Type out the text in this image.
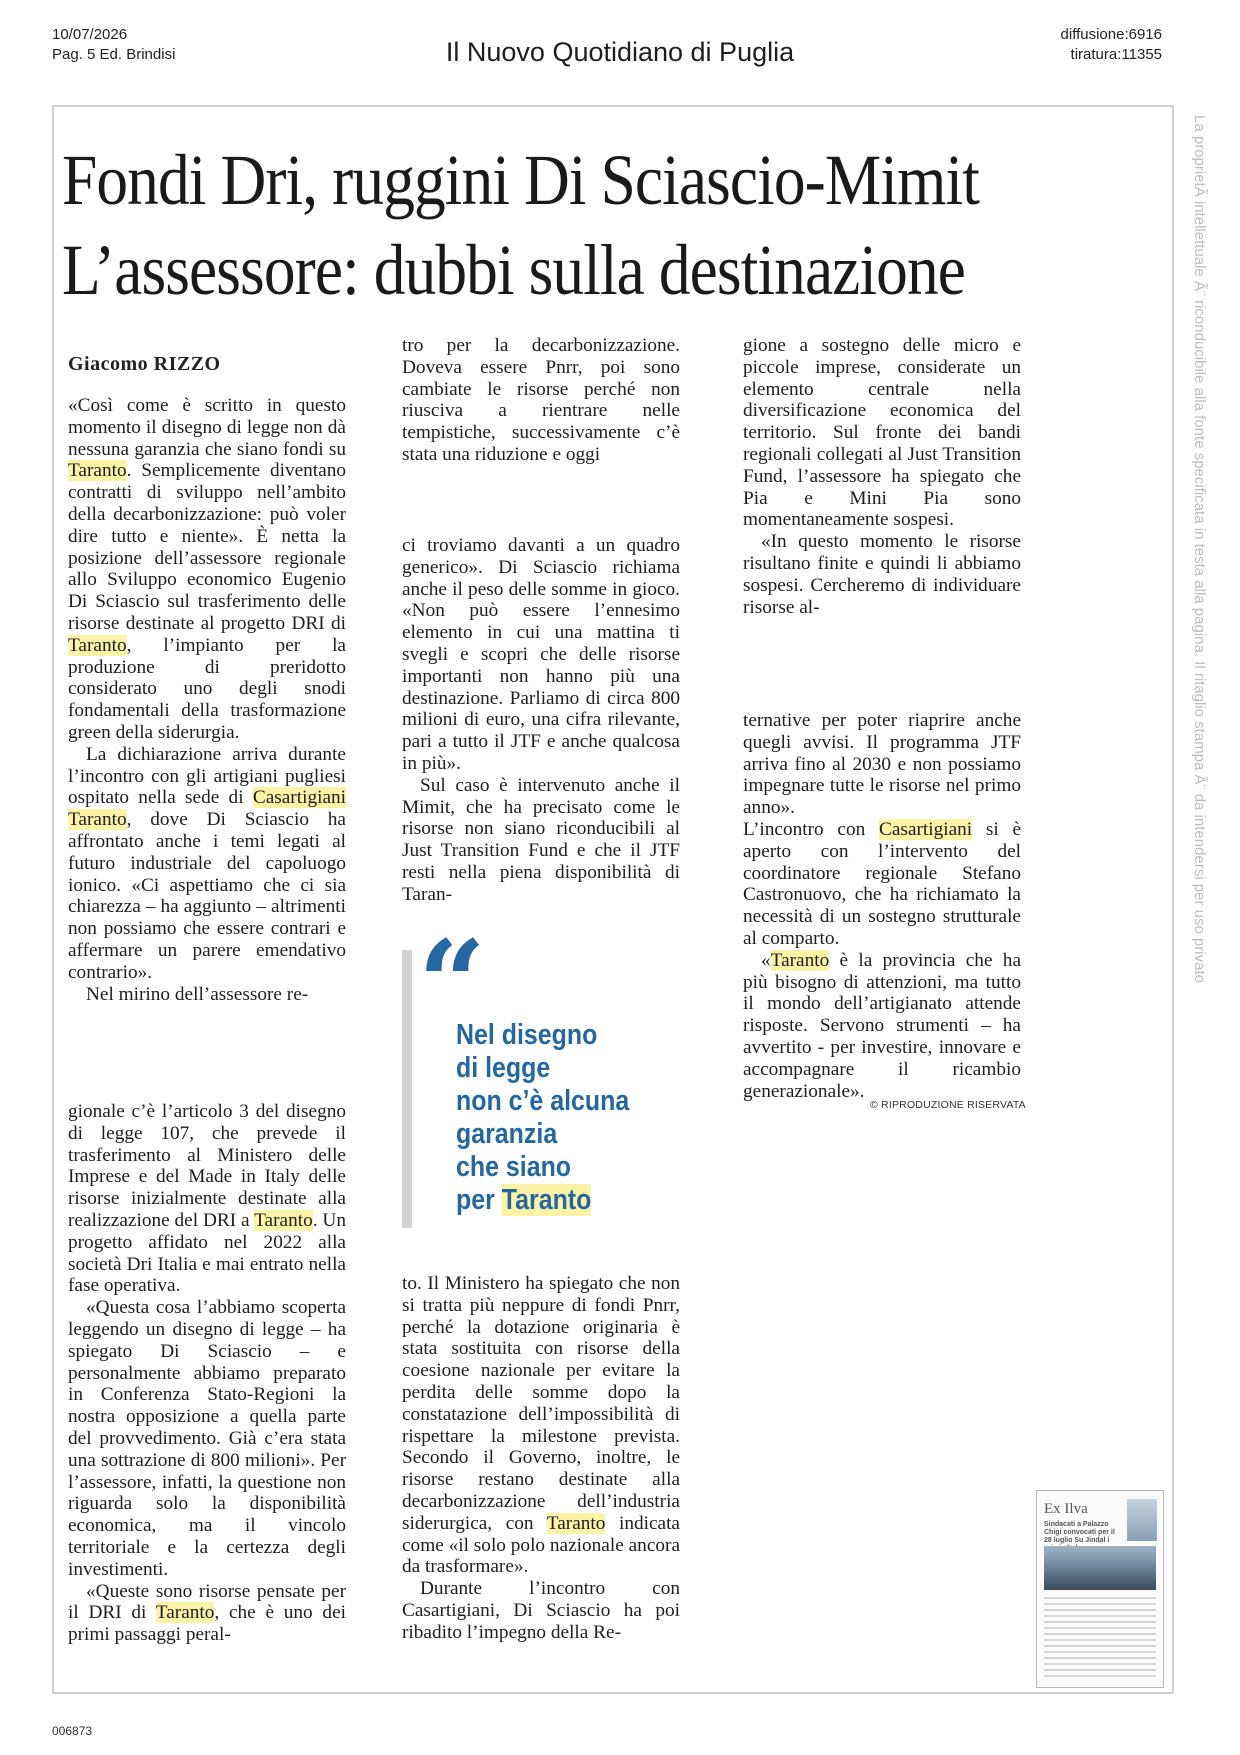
10/07/2026
Pag. 5 Ed. Brindisi	Il Nuovo Quotidiano di Puglia
diffusione:6916
tiratura:11355
La proprietÃ intellettuale Ã¨ riconducibile alla fonte specificata in testa alla pagina. Il ritaglio stampa Ã¨ da intendersi per uso privato
Fondi Dri, ruggini Di Sciascio-Mimit
L’assessore: dubbi sulla destinazione
Giacomo RIZZO

«Così come è scritto in questo momento il disegno di legge non dà nessuna garanzia che siano fondi su Taranto. Semplicemente diventano contratti di sviluppo nell’ambito della decarbonizzazione: può voler dire tutto e niente». È netta la posizione dell’assessore regionale allo Sviluppo economico Eugenio Di Sciascio sul trasferimento delle risorse destinate al progetto DRI di Taranto, l’impianto per la produzione di preridotto considerato uno degli snodi fondamentali della trasformazione green della siderurgia.

La dichiarazione arriva durante l’incontro con gli artigiani pugliesi ospitato nella sede di Casartigiani Taranto, dove Di Sciascio ha affrontato anche i temi legati al futuro industriale del capoluogo ionico. «Ci aspettiamo che ci sia chiarezza – ha aggiunto – altrimenti non possiamo che essere contrari e affermare un parere emendativo contrario».

Nel mirino dell’assessore re-

gionale c’è l’articolo 3 del disegno di legge 107, che prevede il trasferimento al Ministero delle Imprese e del Made in Italy delle risorse inizialmente destinate alla realizzazione del DRI a Taranto. Un progetto affidato nel 2022 alla società Dri Italia e mai entrato nella fase operativa.

«Questa cosa l’abbiamo scoperta leggendo un disegno di legge – ha spiegato Di Sciascio – e personalmente abbiamo preparato in Conferenza Stato-Regioni la nostra opposizione a quella parte del provvedimento. Già c’era stata una sottrazione di 800 milioni». Per l’assessore, infatti, la questione non riguarda solo la disponibilità economica, ma il vincolo territoriale e la certezza degli investimenti.

«Queste sono risorse pensate per il DRI di Taranto, che è uno dei primi passaggi peral-

tro per la decarbonizzazione. Doveva essere Pnrr, poi sono cambiate le risorse perché non riusciva a rientrare nelle tempistiche, successivamente c’è stata una riduzione e oggi

ci troviamo davanti a un quadro generico». Di Sciascio richiama anche il peso delle somme in gioco. «Non può essere l’ennesimo elemento in cui una mattina ti svegli e scopri che delle risorse importanti non hanno più una destinazione. Parliamo di circa 800 milioni di euro, una cifra rilevante, pari a tutto il JTF e anche qualcosa in più».

Sul caso è intervenuto anche il Mimit, che ha precisato come le risorse non siano riconducibili al Just Transition Fund e che il JTF resti nella piena disponibilità di Taran-

“
Nel disegno
di legge
non c’è alcuna
garanzia
che siano
per Taranto

to. Il Ministero ha spiegato che non si tratta più neppure di fondi Pnrr, perché la dotazione originaria è stata sostituita con risorse della coesione nazionale per evitare la perdita delle somme dopo la constatazione dell’impossibilità di rispettare la milestone prevista. Secondo il Governo, inoltre, le risorse restano destinate alla decarbonizzazione dell’industria siderurgica, con Taranto indicata come «il solo polo nazionale ancora da trasformare».

Durante l’incontro con Casartigiani, Di Sciascio ha poi ribadito l’impegno della Re-

gione a sostegno delle micro e piccole imprese, considerate un elemento centrale nella diversificazione economica del territorio. Sul fronte dei bandi regionali collegati al Just Transition Fund, l’assessore ha spiegato che Pia e Mini Pia sono momentaneamente sospesi.

«In questo momento le risorse risultano finite e quindi li abbiamo sospesi. Cercheremo di individuare risorse al-

ternative per poter riaprire anche quegli avvisi. Il programma JTF arriva fino al 2030 e non possiamo impegnare tutte le risorse nel primo anno».

L’incontro con Casartigiani si è aperto con l’intervento del coordinatore regionale Stefano Castronuovo, che ha richiamato la necessità di un sostegno strutturale al comparto.

«Taranto è la provincia che ha più bisogno di attenzioni, ma tutto il mondo dell’artigianato attende risposte. Servono strumenti – ha avvertito - per investire, innovare e accompagnare il ricambio generazionale».

© RIPRODUZIONE RISERVATA
Ex Ilva
Sindacati a Palazzo Chigi convocati per il 28 luglio Su Jindal i
006873
